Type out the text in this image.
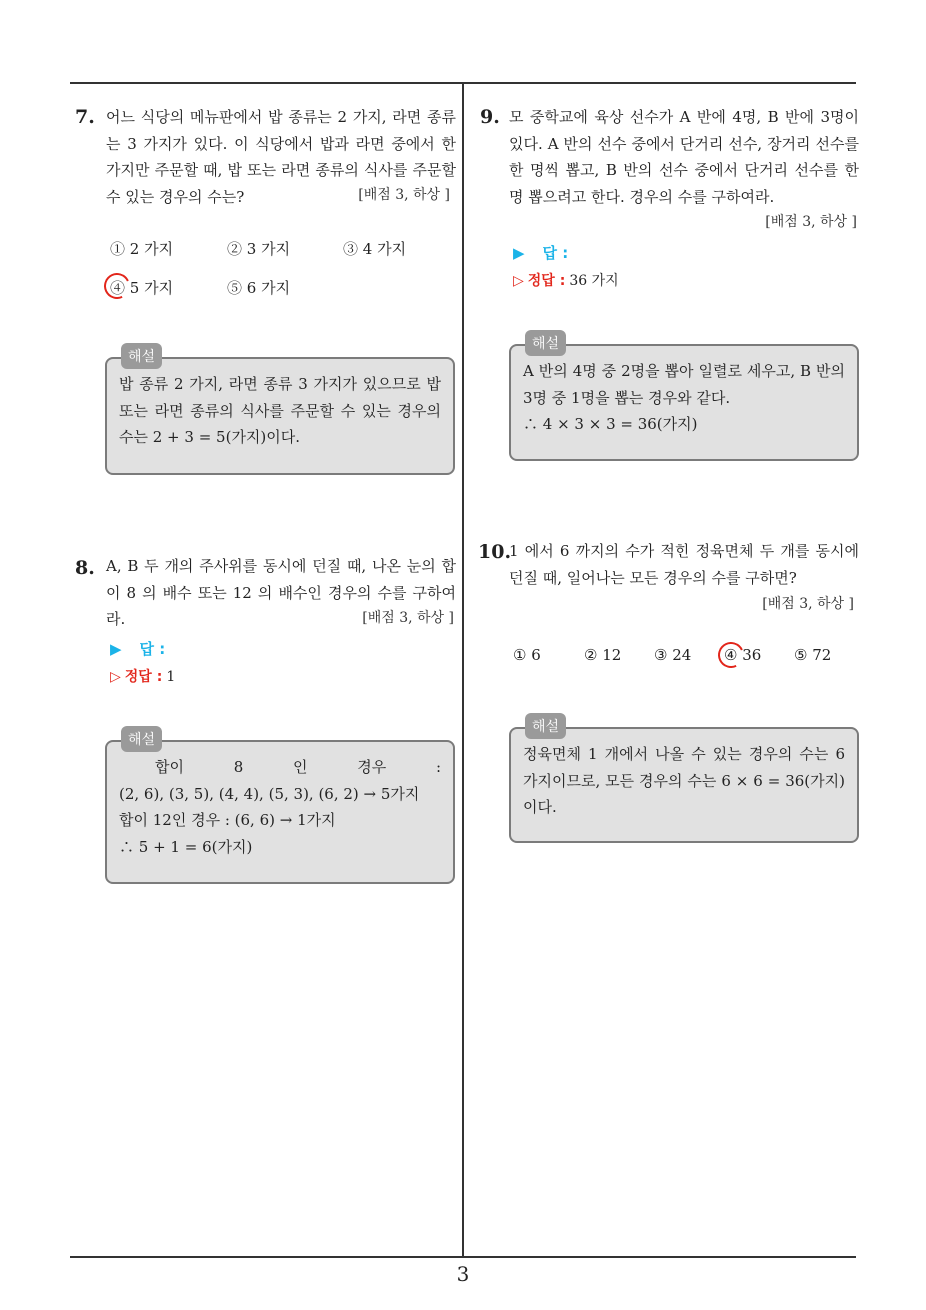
7. 어느 식당의 메뉴판에서 밥 종류는 2 가지, 라면 종류는 3 가지가 있다. 이 식당에서 밥과 라면 중에서 한 가지만 주문할 때, 밥 또는 라면 종류의 식사를 주문할 수 있는 경우의 수는?	[배점 3, 하상 ]
① 2 가지	② 3 가지	③ 4 가지
④ 5 가지	⑤ 6 가지
해설
밥 종류 2 가지, 라면 종류 3 가지가 있으므로 밥 또는 라면 종류의 식사를 주문할 수 있는 경우의 수는 2 + 3 = 5(가지)이다.
8. A, B 두 개의 주사위를 동시에 던질 때, 나온 눈의 합이 8 의 배수 또는 12 의 배수인 경우의 수를 구하여라.	[배점 3, 하상 ]
▶ 답 :
▷ 정답 : 1
해설
합이 8 인 경우 :
(2, 6), (3, 5), (4, 4), (5, 3), (6, 2) → 5가지
합이 12인 경우 : (6, 6) → 1가지
∴ 5 + 1 = 6(가지)
9. 모 중학교에 육상 선수가 A 반에 4명, B 반에 3명이 있다. A 반의 선수 중에서 단거리 선수, 장거리 선수를 한 명씩 뽑고, B 반의 선수 중에서 단거리 선수를 한 명 뽑으려고 한다. 경우의 수를 구하여라.
[배점 3, 하상 ]
▶ 답 :
▷ 정답 : 36 가지
해설
A 반의 4명 중 2명을 뽑아 일렬로 세우고, B 반의 3명 중 1명을 뽑는 경우와 같다.
∴ 4 × 3 × 3 = 36(가지)
10.
1 에서 6 까지의 수가 적힌 정육면체 두 개를 동시에 던질 때, 일어나는 모든 경우의 수를 구하면?
[배점 3, 하상 ]
① 6	② 12 ③ 24 ④ 36 ⑤ 72
해설
정육면체 1 개에서 나올 수 있는 경우의 수는 6 가지이므로, 모든 경우의 수는 6 × 6 = 36(가지)이다.
3
